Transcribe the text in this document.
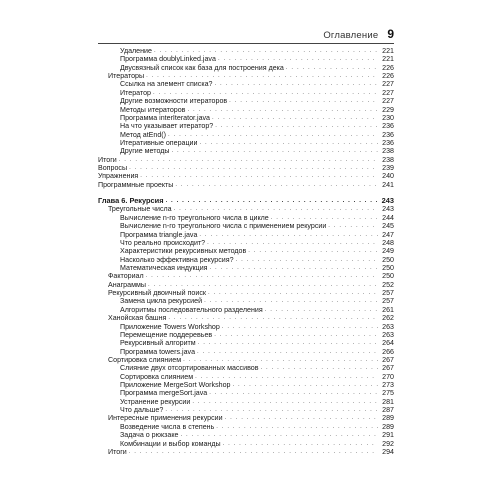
Оглавление 9
Удаление . . .	221
Программа doublyLinked.java . . .	221
Двусвязный список как база для построения дека . . .	226
Итераторы . . .	226
Ссылка на элемент списка? . . .	227
Итератор . . .	227
Другие возможности итераторов . . .	227
Методы итераторов . . .	229
Программа interIterator.java . . .	230
На что указывает итератор? . . .	236
Метод atEnd() . . .	236
Итеративные операции . . .	236
Другие методы . . .	238
Итоги . . .	238
Вопросы . . .	239
Упражнения . . .	240
Программные проекты . . .	241
Глава 6. Рекурсия . . .	243
Треугольные числа . . .	243
Вычисление n-го треугольного числа в цикле . . .	244
Вычисление n-го треугольного числа с применением рекурсии . . .	245
Программа triangle.java . . .	247
Что реально происходит? . . .	248
Характеристики рекурсивных методов . . .	249
Насколько эффективна рекурсия? . . .	250
Математическая индукция . . .	250
Факториал . . .	250
Анаграммы . . .	252
Рекурсивный двоичный поиск . . .	257
Замена цикла рекурсией . . .	257
Алгоритмы последовательного разделения . . .	261
Ханойская башня . . .	262
Приложение Towers Workshop . . .	263
Перемещение поддеревьев . . .	263
Рекурсивный алгоритм . . .	264
Программа towers.java . . .	266
Сортировка слиянием . . .	267
Слияние двух отсортированных массивов . . .	267
Сортировка слиянием . . .	270
Приложение MergeSort Workshop . . .	273
Программа mergeSort.java . . .	275
Устранение рекурсии . . .	281
Что дальше? . . .	287
Интересные применения рекурсии . . .	289
Возведение числа в степень . . .	289
Задача о рюкзаке . . .	291
Комбинации и выбор команды . . .	292
Итоги . . .	294
